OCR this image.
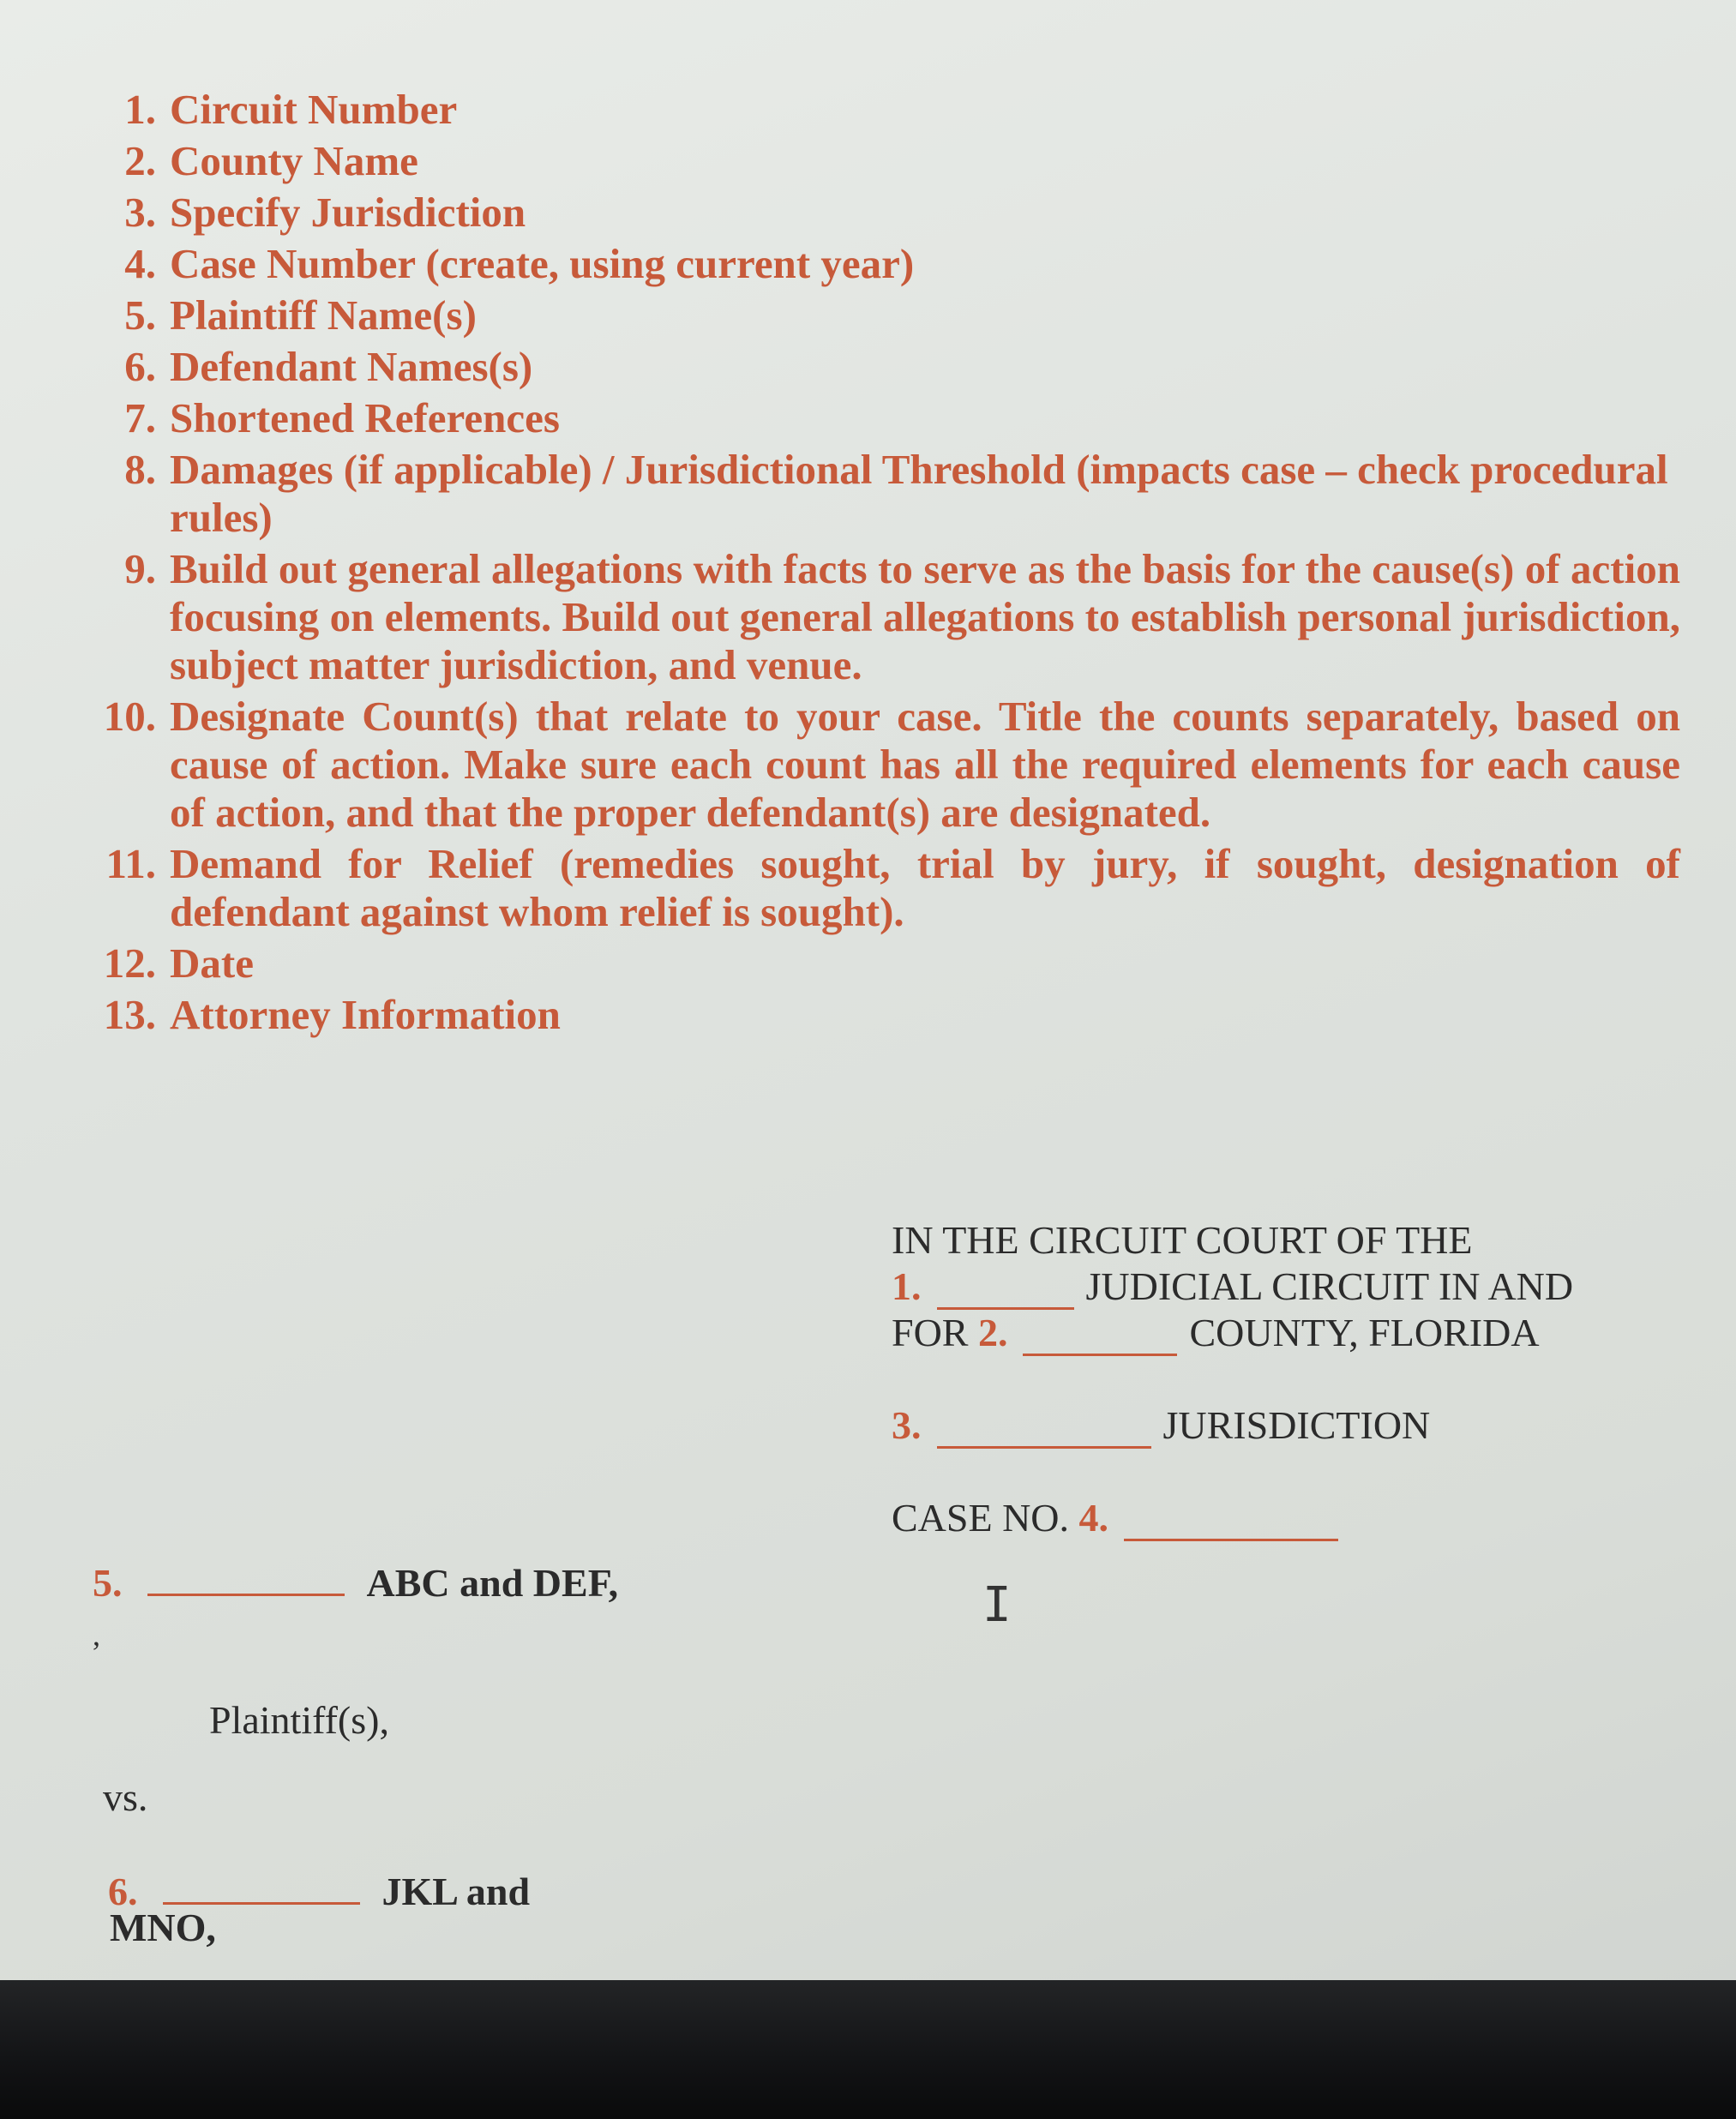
1. Circuit Number
2. County Name
3. Specify Jurisdiction
4. Case Number (create, using current year)
5. Plaintiff Name(s)
6. Defendant Names(s)
7. Shortened References
8. Damages (if applicable) / Jurisdictional Threshold (impacts case – check procedural rules)
9. Build out general allegations with facts to serve as the basis for the cause(s) of action focusing on elements. Build out general allegations to establish personal jurisdiction, subject matter jurisdiction, and venue.
10. Designate Count(s) that relate to your case. Title the counts separately, based on cause of action. Make sure each count has all the required elements for each cause of action, and that the proper defendant(s) are designated.
11. Demand for Relief (remedies sought, trial by jury, if sought, designation of defendant against whom relief is sought).
12. Date
13. Attorney Information
IN THE CIRCUIT COURT OF THE
1.	JUDICIAL CIRCUIT IN AND
FOR
2.	COUNTY, FLORIDA
3.	JURISDICTION
CASE NO.
4.
5.	ABC and DEF,
,
Plaintiff(s),
vs.
6.	JKL and
MNO,
I
